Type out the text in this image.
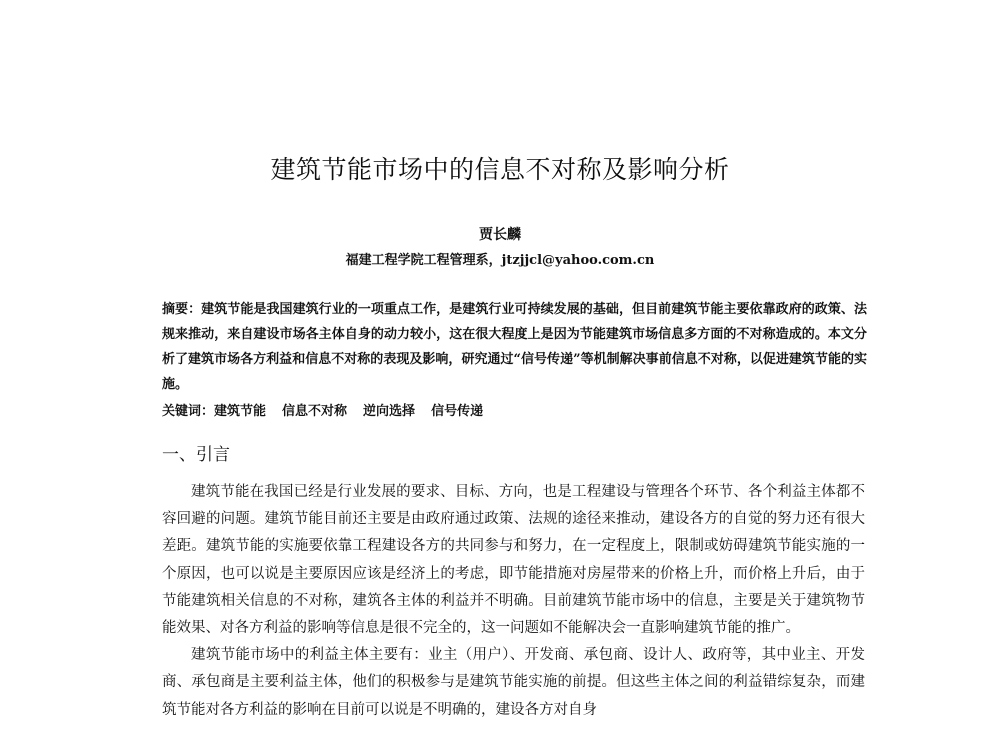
建筑节能市场中的信息不对称及影响分析
贾长麟
福建工程学院工程管理系，jtzjjcl@yahoo.com.cn
摘要：建筑节能是我国建筑行业的一项重点工作，是建筑行业可持续发展的基础，但目前建筑节能主要依靠政府的政策、法规来推动，来自建设市场各主体自身的动力较小，这在很大程度上是因为节能建筑市场信息多方面的不对称造成的。本文分析了建筑市场各方利益和信息不对称的表现及影响，研究通过“信号传递”等机制解决事前信息不对称，以促进建筑节能的实施。
关键词：建筑节能 信息不对称 逆向选择 信号传递
一、引言

建筑节能在我国已经是行业发展的要求、目标、方向，也是工程建设与管理各个环节、各个利益主体都不容回避的问题。建筑节能目前还主要是由政府通过政策、法规的途径来推动，建设各方的自觉的努力还有很大差距。建筑节能的实施要依靠工程建设各方的共同参与和努力，在一定程度上，限制或妨碍建筑节能实施的一个原因，也可以说是主要原因应该是经济上的考虑，即节能措施对房屋带来的价格上升，而价格上升后，由于节能建筑相关信息的不对称，建筑各主体的利益并不明确。目前建筑节能市场中的信息，主要是关于建筑物节能效果、对各方利益的影响等信息是很不完全的，这一问题如不能解决会一直影响建筑节能的推广。

建筑节能市场中的利益主体主要有：业主（用户）、开发商、承包商、设计人、政府等，其中业主、开发商、承包商是主要利益主体，他们的积极参与是建筑节能实施的前提。但这些主体之间的利益错综复杂，而建筑节能对各方利益的影响在目前可以说是不明确的，建设各方对自身
